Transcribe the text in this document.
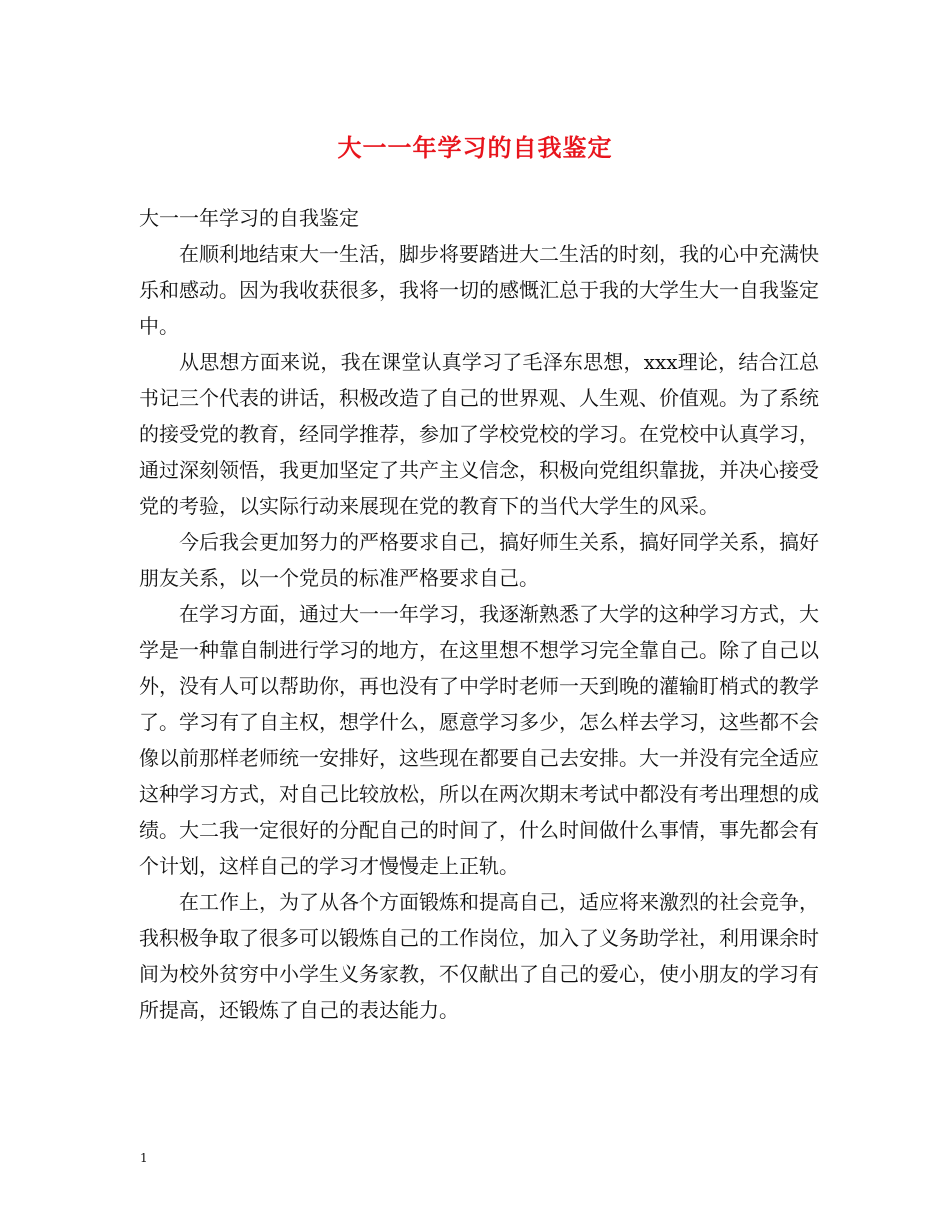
大一一年学习的自我鉴定

大一一年学习的自我鉴定

在顺利地结束大一生活，脚步将要踏进大二生活的时刻，我的心中充满快乐和感动。因为我收获很多，我将一切的感慨汇总于我的大学生大一自我鉴定中。

从思想方面来说，我在课堂认真学习了毛泽东思想，xxx理论，结合江总书记三个代表的讲话，积极改造了自己的世界观、人生观、价值观。为了系统的接受党的教育，经同学推荐，参加了学校党校的学习。在党校中认真学习，通过深刻领悟，我更加坚定了共产主义信念，积极向党组织靠拢，并决心接受党的考验，以实际行动来展现在党的教育下的当代大学生的风采。

今后我会更加努力的严格要求自己，搞好师生关系，搞好同学关系，搞好朋友关系，以一个党员的标准严格要求自己。

在学习方面，通过大一一年学习，我逐渐熟悉了大学的这种学习方式，大学是一种靠自制进行学习的地方，在这里想不想学习完全靠自己。除了自己以外，没有人可以帮助你，再也没有了中学时老师一天到晚的灌输盯梢式的教学了。学习有了自主权，想学什么，愿意学习多少，怎么样去学习，这些都不会像以前那样老师统一安排好，这些现在都要自己去安排。大一并没有完全适应这种学习方式，对自己比较放松，所以在两次期末考试中都没有考出理想的成绩。大二我一定很好的分配自己的时间了，什么时间做什么事情，事先都会有个计划，这样自己的学习才慢慢走上正轨。

在工作上，为了从各个方面锻炼和提高自己，适应将来激烈的社会竞争，我积极争取了很多可以锻炼自己的工作岗位，加入了义务助学社，利用课余时间为校外贫穷中小学生义务家教，不仅献出了自己的爱心，使小朋友的学习有所提高，还锻炼了自己的表达能力。

1
